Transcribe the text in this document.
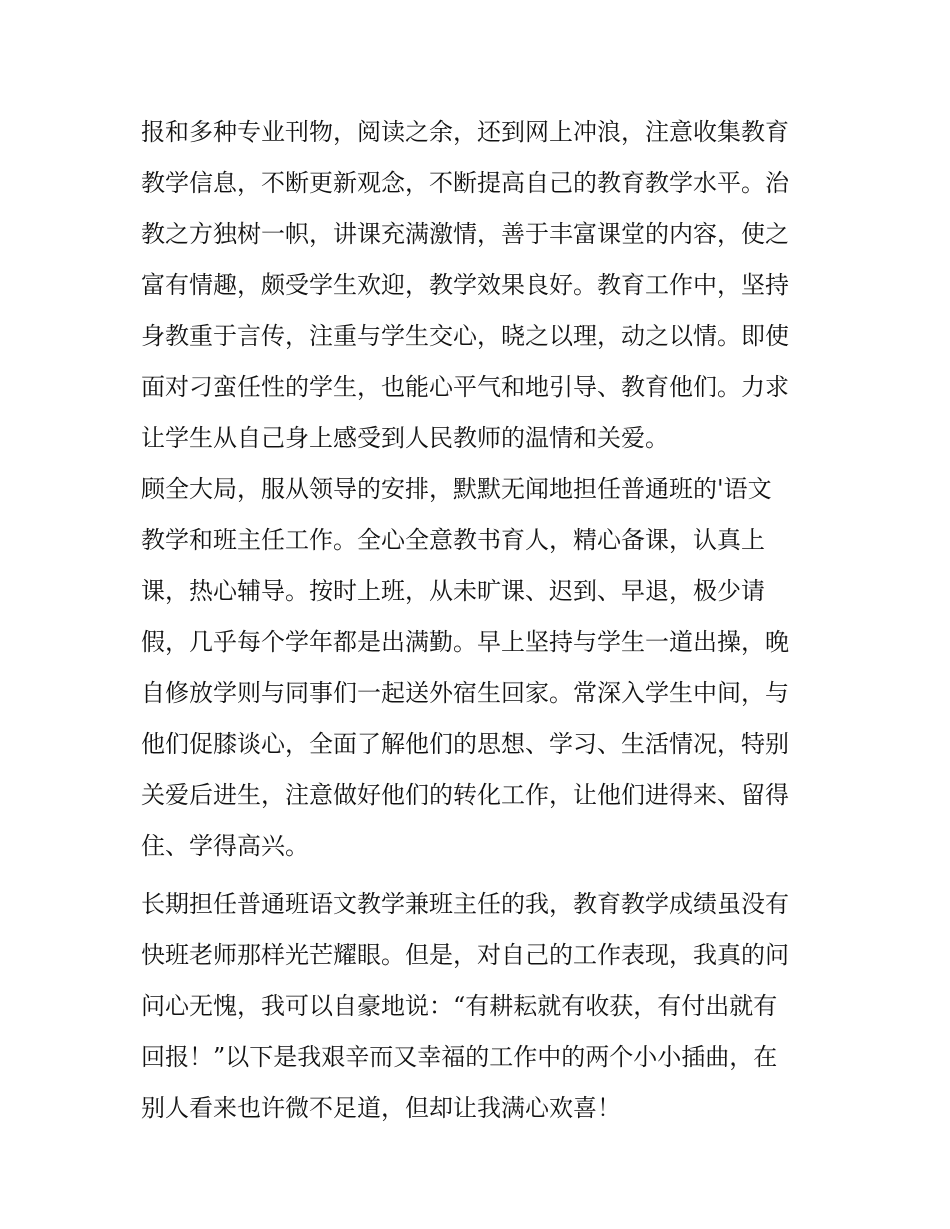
报和多种专业刊物，阅读之余，还到网上冲浪，注意收集教育
教学信息，不断更新观念，不断提高自己的教育教学水平。治
教之方独树一帜，讲课充满激情，善于丰富课堂的内容，使之
富有情趣，颇受学生欢迎，教学效果良好。教育工作中，坚持
身教重于言传，注重与学生交心，晓之以理，动之以情。即使
面对刁蛮任性的学生，也能心平气和地引导、教育他们。力求
让学生从自己身上感受到人民教师的温情和关爱。
顾全大局，服从领导的安排，默默无闻地担任普通班的'语文
教学和班主任工作。全心全意教书育人，精心备课，认真上
课，热心辅导。按时上班，从未旷课、迟到、早退，极少请
假，几乎每个学年都是出满勤。早上坚持与学生一道出操，晚
自修放学则与同事们一起送外宿生回家。常深入学生中间，与
他们促膝谈心，全面了解他们的思想、学习、生活情况，特别
关爱后进生，注意做好他们的转化工作，让他们进得来、留得
住、学得高兴。
长期担任普通班语文教学兼班主任的我，教育教学成绩虽没有
快班老师那样光芒耀眼。但是，对自己的工作表现，我真的问
问心无愧，我可以自豪地说：“有耕耘就有收获，有付出就有
回报！”以下是我艰辛而又幸福的工作中的两个小小插曲，在
别人看来也许微不足道，但却让我满心欢喜！
